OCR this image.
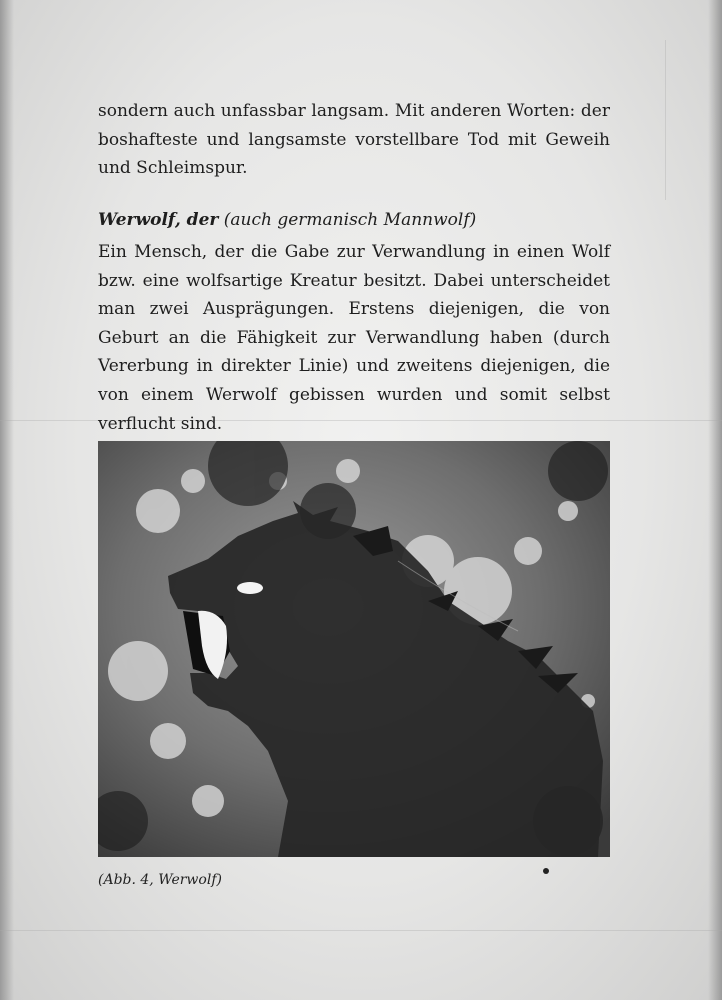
sondern auch unfassbar langsam. Mit anderen Worten: der boshafteste und langsamste vorstellbare Tod mit Geweih und Schleimspur.

Werwolf, der (auch germanisch Mannwolf)

Ein Mensch, der die Gabe zur Verwandlung in einen Wolf bzw. eine wolfsartige Kreatur besitzt. Dabei unterscheidet man zwei Ausprägungen. Erstens diejenigen, die von Geburt an die Fähigkeit zur Verwandlung haben (durch Vererbung in direkter Linie) und zweitens diejenigen, die von einem Werwolf gebissen wurden und somit selbst verflucht sind.

(Abb. 4, Werwolf)
